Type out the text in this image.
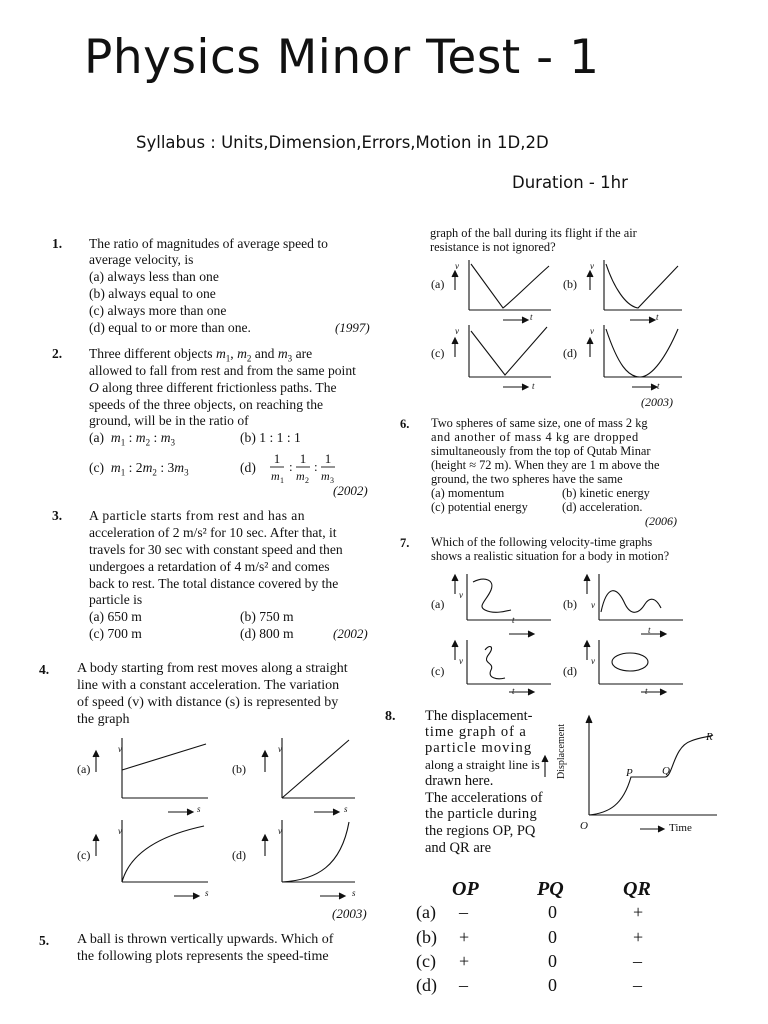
Physics Minor Test - 1
Syllabus : Units,Dimension,Errors,Motion in 1D,2D
Duration - 1hr
1. The ratio of magnitudes of average speed to
average velocity, is
(a) always less than one
(b) always equal to one
(c) always more than one
(d) equal to or more than one.	(1997)
2. Three different objects $m_1$, $m_2$ and $m_3$ are
allowed to fall from rest and from the same point
O along three different frictionless paths. The
speeds of the three objects, on reaching the
ground, will be in the ratio of
(a) $m_1$ : $m_2$ : $m_3$	(b) 1 : 1 : 1
(c) $m_1$ : $2m_2$ : $3m_3$	(d)
1
m 1
:
1
m 2
:
1
m 3
(2002)
3. A particle starts from rest and has an
acceleration of 2 m/s² for 10 sec. After that, it
travels for 30 sec with constant speed and then
undergoes a retardation of 4 m/s² and comes
back to rest. The total distance covered by the
particle is
(a) 650 m	(b) 750 m
(c) 700 m	(d) 800 m	(2002)
4. A body starting from rest moves along a straight
line with a constant acceleration. The variation
of speed (v) with distance (s) is represented by
the graph
(a)
v
s
(b)
v
s
(c)
v
s
(d)
v
s
(2003)
5. A ball is thrown vertically upwards. Which of
the following plots represents the speed-time
graph of the ball during its flight if the air
resistance is not ignored?
(a)
v
t
(b)
v
t
(c)
v
t
(d)
v
t
(2003)
6. Two spheres of same size, one of mass 2 kg
and another of mass 4 kg are dropped
simultaneously from the top of Qutab Minar
(height ≈ 72 m). When they are 1 m above the
ground, the two spheres have the same
(a) momentum	(b) kinetic energy
(c) potential energy	(d) acceleration.
(2006)
7. Which of the following velocity-time graphs
shows a realistic situation for a body in motion?
(a)
v
t
(b) v
t
(c)
v
t
(d)
v
t
8. The displacement-
time graph of a
particle moving
along a straight line is
drawn here.
The accelerations of
the particle during
the regions OP, PQ
and QR are
Displacement
Time
O
P	Q
R
OP	PQ	QR
(a) –	0	+
(b) +	0	+
(c) +	0	–
(d) –	0	–
